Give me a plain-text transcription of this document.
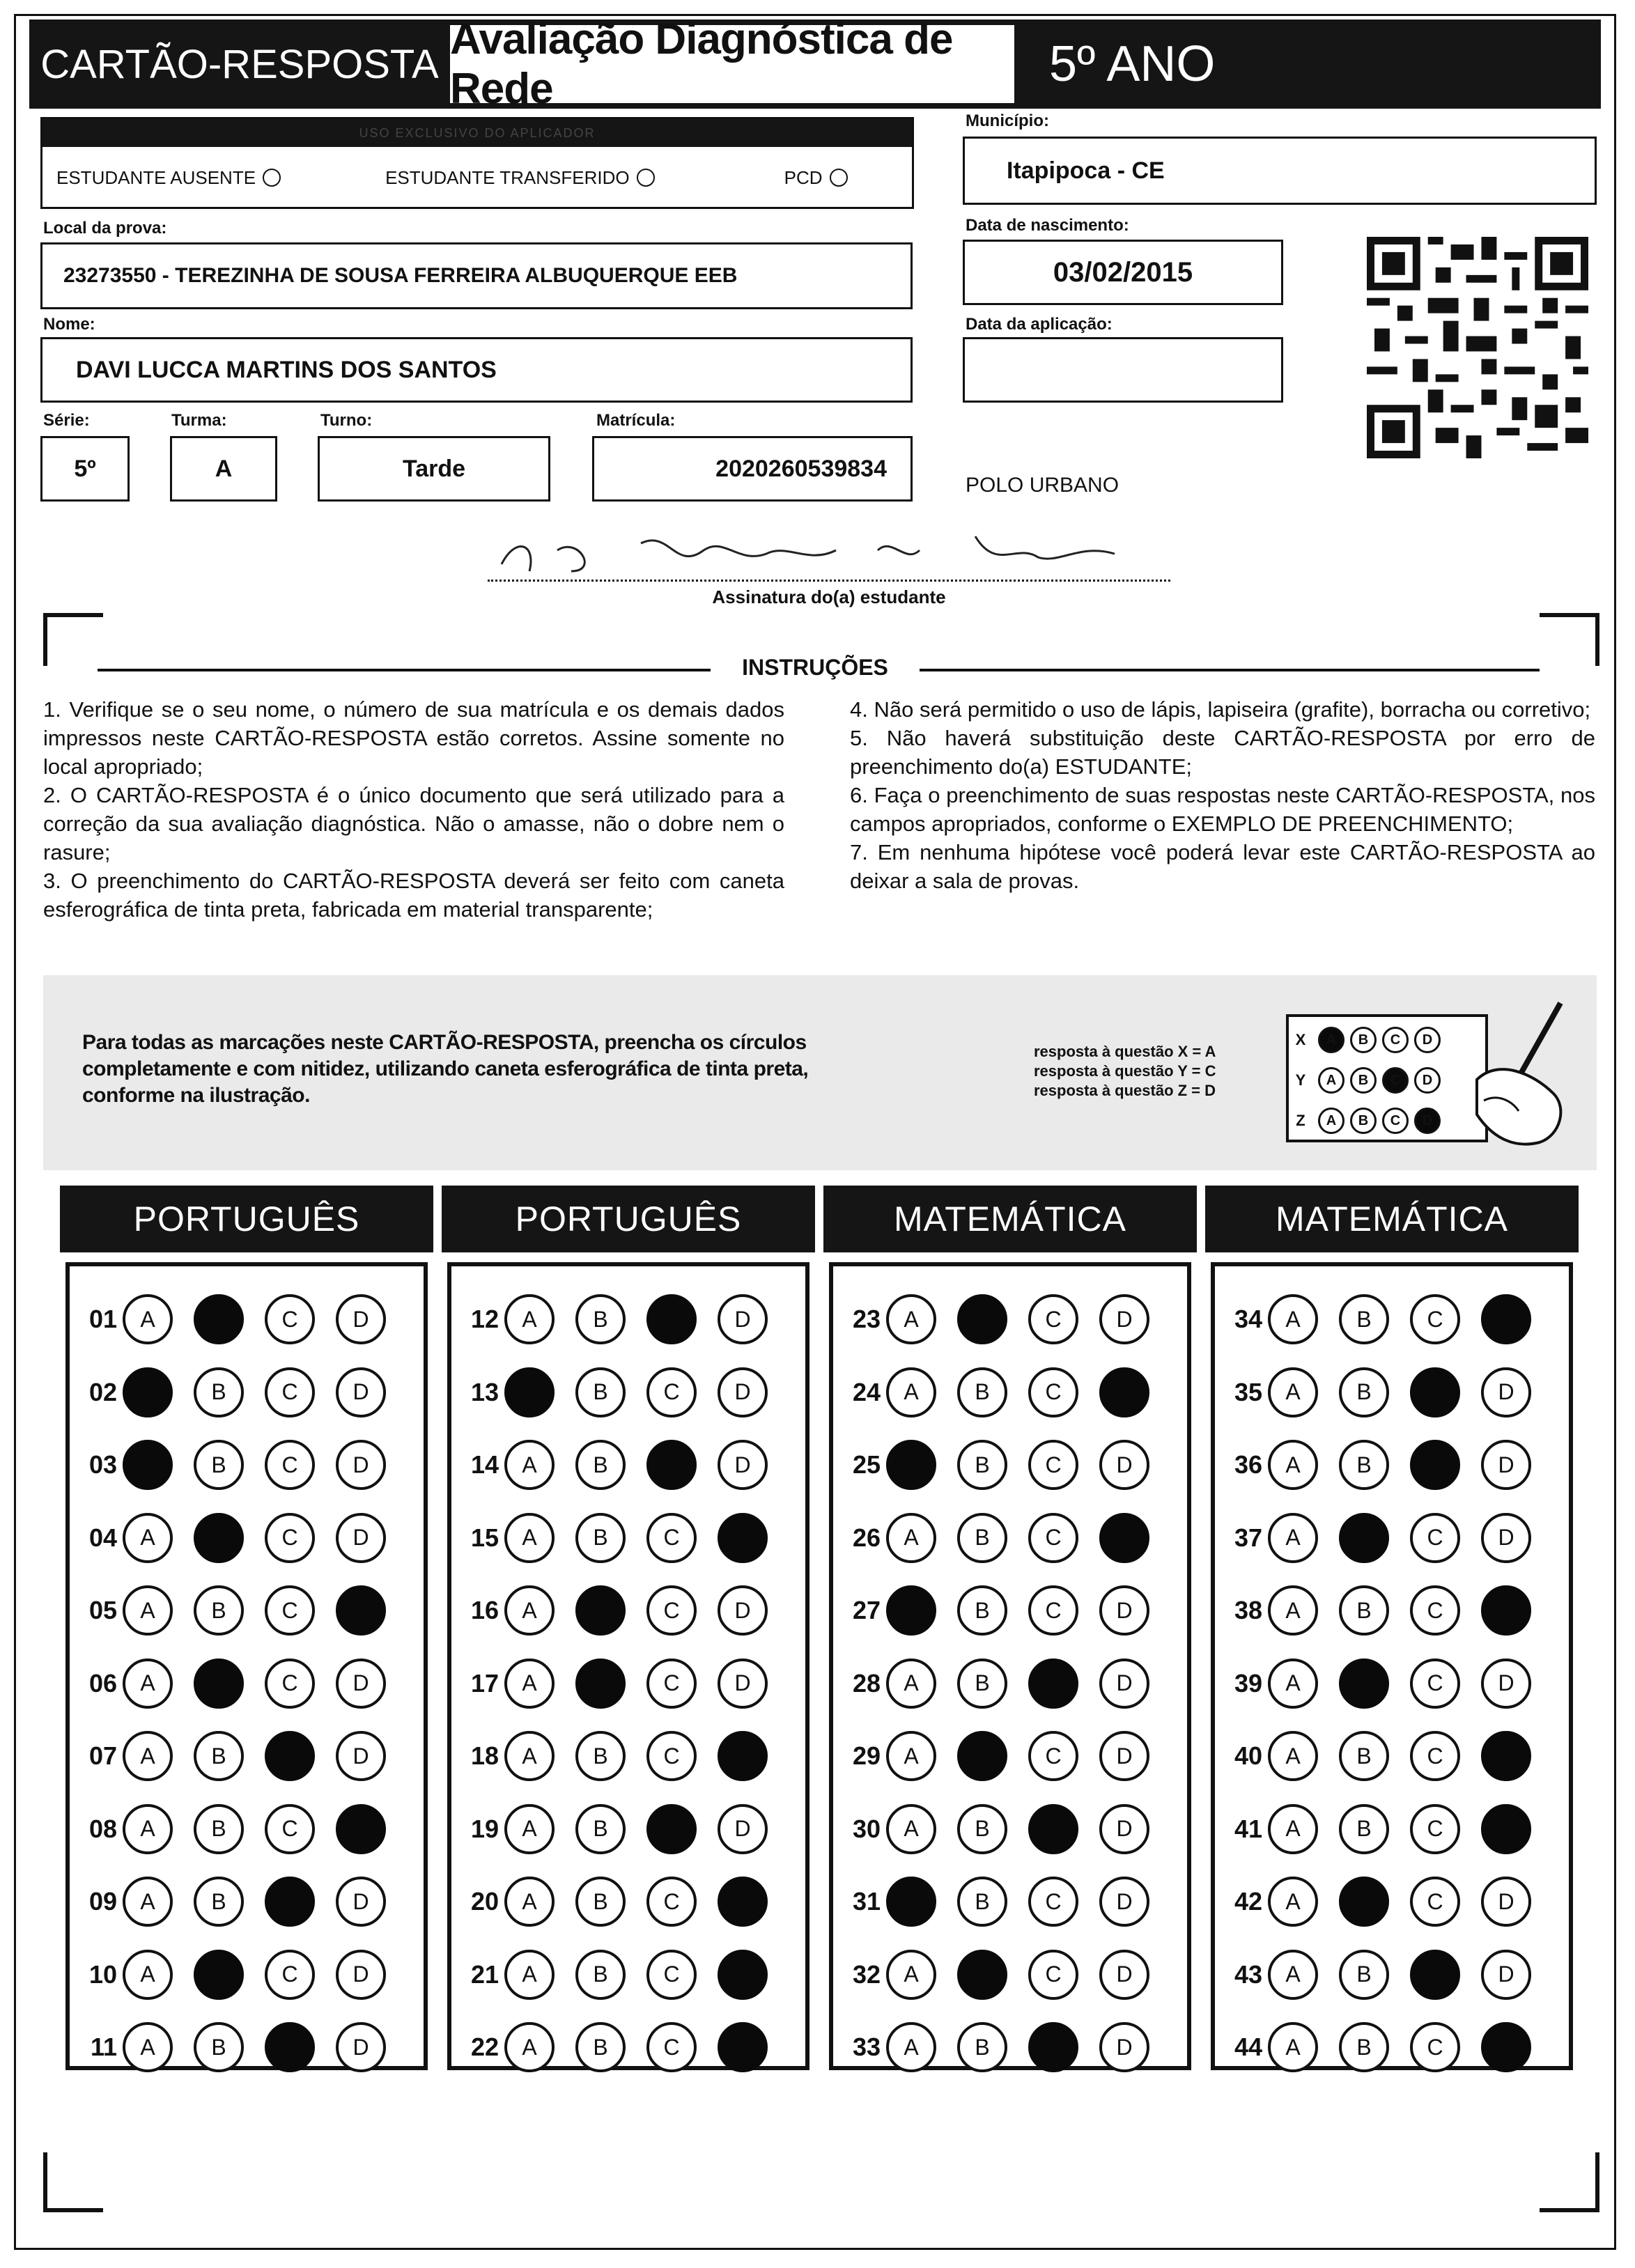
CARTÃO-RESPOSTA
Avaliação Diagnóstica de Rede	5º ANO
USO EXCLUSIVO DO APLICADOR
ESTUDANTE AUSENTE	ESTUDANTE TRANSFERIDO	PCD
Local da prova:
23273550 - TEREZINHA DE SOUSA FERREIRA ALBUQUERQUE EEB
Nome:
DAVI LUCCA MARTINS DOS SANTOS
Série:
5º
Turma:
A
Turno:
Tarde
Matrícula:
2020260539834
Município:
Itapipoca - CE
Data de nascimento:
03/02/2015
Data da aplicação:
POLO URBANO
Assinatura do(a) estudante
INSTRUÇÕES

1. Verifique se o seu nome, o número de sua matrícula e os demais dados impressos neste CARTÃO-RESPOSTA estão corretos. Assine somente no local apropriado;

2. O CARTÃO-RESPOSTA é o único documento que será utilizado para a correção da sua avaliação diagnóstica. Não o amasse, não o dobre nem o rasure;

3. O preenchimento do CARTÃO-RESPOSTA deverá ser feito com caneta esferográfica de tinta preta, fabricada em material transparente;

4. Não será permitido o uso de lápis, lapiseira (grafite), borracha ou corretivo;

5. Não haverá substituição deste CARTÃO-RESPOSTA por erro de preenchimento do(a) ESTUDANTE;

6. Faça o preenchimento de suas respostas neste CARTÃO-RESPOSTA, nos campos apropriados, conforme o EXEMPLO DE PREENCHIMENTO;

7. Em nenhuma hipótese você poderá levar este CARTÃO-RESPOSTA ao deixar a sala de provas.

Para todas as marcações neste CARTÃO-RESPOSTA, preencha os círculos completamente e com nitidez, utilizando caneta esferográfica de tinta preta, conforme na ilustração.
resposta à questão X = A
resposta à questão Y = C
resposta à questão Z = D
X	A	B	C	D
Y	A	B	C	D
Z	A	B	C	D
PORTUGUÊS
01	A	B	C	D
02	A	B	C	D
03	A	B	C	D
04	A	B	C	D
05	A	B	C	D
06	A	B	C	D
07	A	B	C	D
08	A	B	C	D
09	A	B	C	D
10	A	B	C	D
11	A	B	C	D
PORTUGUÊS
12	A	B	C	D
13	A	B	C	D
14	A	B	C	D
15	A	B	C	D
16	A	B	C	D
17	A	B	C	D
18	A	B	C	D
19	A	B	C	D
20	A	B	C	D
21	A	B	C	D
22	A	B	C	D
MATEMÁTICA
23	A	B	C	D
24	A	B	C	D
25	A	B	C	D
26	A	B	C	D
27	A	B	C	D
28	A	B	C	D
29	A	B	C	D
30	A	B	C	D
31	A	B	C	D
32	A	B	C	D
33	A	B	C	D
MATEMÁTICA
34	A	B	C	D
35	A	B	C	D
36	A	B	C	D
37	A	B	C	D
38	A	B	C	D
39	A	B	C	D
40	A	B	C	D
41	A	B	C	D
42	A	B	C	D
43	A	B	C	D
44	A	B	C	D
